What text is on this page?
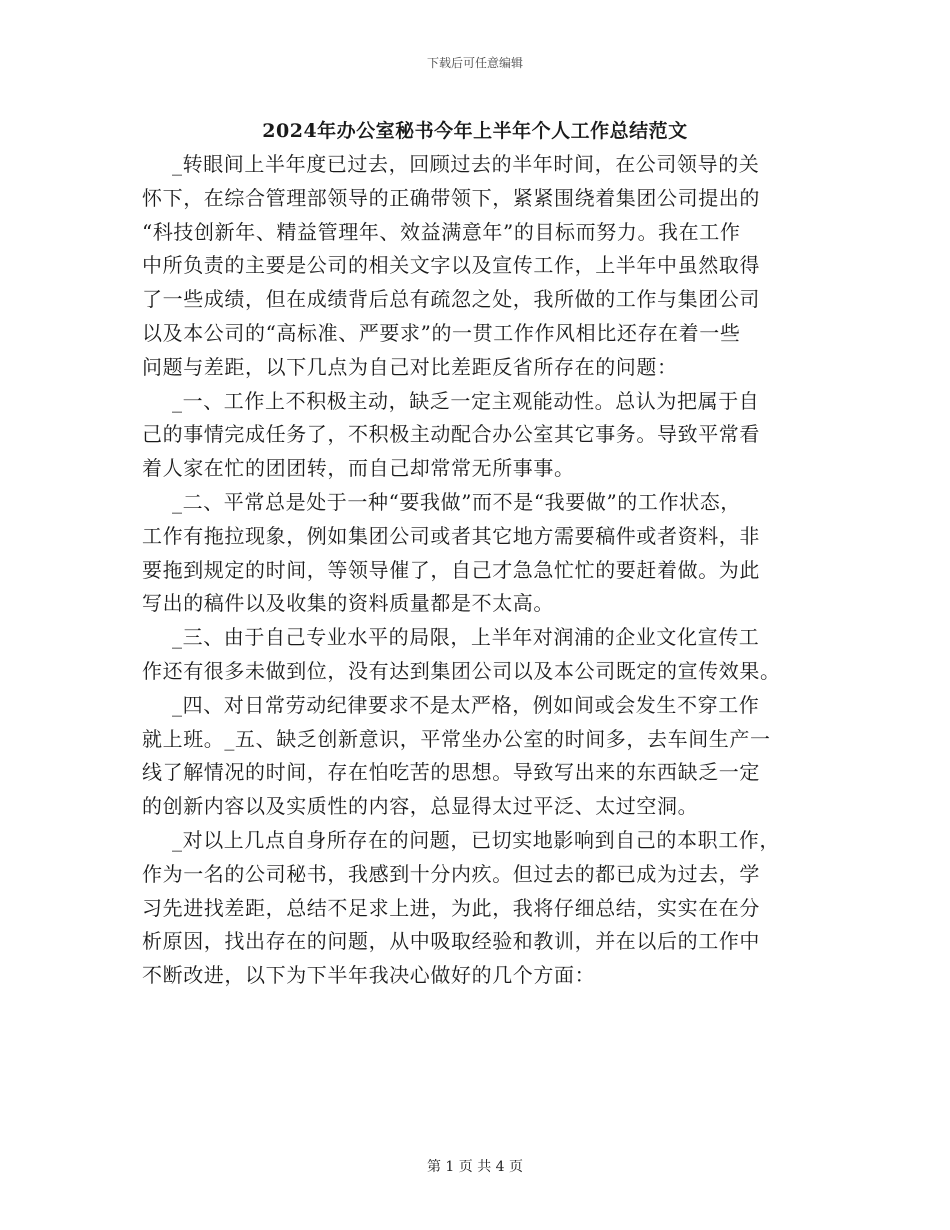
下载后可任意编辑
2024年办公室秘书今年上半年个人工作总结范文
_转眼间上半年度已过去，回顾过去的半年时间，在公司领导的关
怀下，在综合管理部领导的正确带领下，紧紧围绕着集团公司提出的
“科技创新年、精益管理年、效益满意年”的目标而努力。我在工作
中所负责的主要是公司的相关文字以及宣传工作，上半年中虽然取得
了一些成绩，但在成绩背后总有疏忽之处，我所做的工作与集团公司
以及本公司的“高标准、严要求”的一贯工作作风相比还存在着一些
问题与差距，以下几点为自己对比差距反省所存在的问题：
_一、工作上不积极主动，缺乏一定主观能动性。总认为把属于自
己的事情完成任务了，不积极主动配合办公室其它事务。导致平常看
着人家在忙的团团转，而自己却常常无所事事。
_二、平常总是处于一种“要我做”而不是“我要做”的工作状态，
工作有拖拉现象，例如集团公司或者其它地方需要稿件或者资料，非
要拖到规定的时间，等领导催了，自己才急急忙忙的要赶着做。为此
写出的稿件以及收集的资料质量都是不太高。
_三、由于自己专业水平的局限，上半年对润浦的企业文化宣传工
作还有很多未做到位，没有达到集团公司以及本公司既定的宣传效果。
_四、对日常劳动纪律要求不是太严格，例如间或会发生不穿工作
就上班。_五、缺乏创新意识，平常坐办公室的时间多，去车间生产一
线了解情况的时间，存在怕吃苦的思想。导致写出来的东西缺乏一定
的创新内容以及实质性的内容，总显得太过平泛、太过空洞。
_对以上几点自身所存在的问题，已切实地影响到自己的本职工作，
作为一名的公司秘书，我感到十分内疚。但过去的都已成为过去，学
习先进找差距，总结不足求上进，为此，我将仔细总结，实实在在分
析原因，找出存在的问题，从中吸取经验和教训，并在以后的工作中
不断改进，以下为下半年我决心做好的几个方面：
第 1 页 共 4 页
